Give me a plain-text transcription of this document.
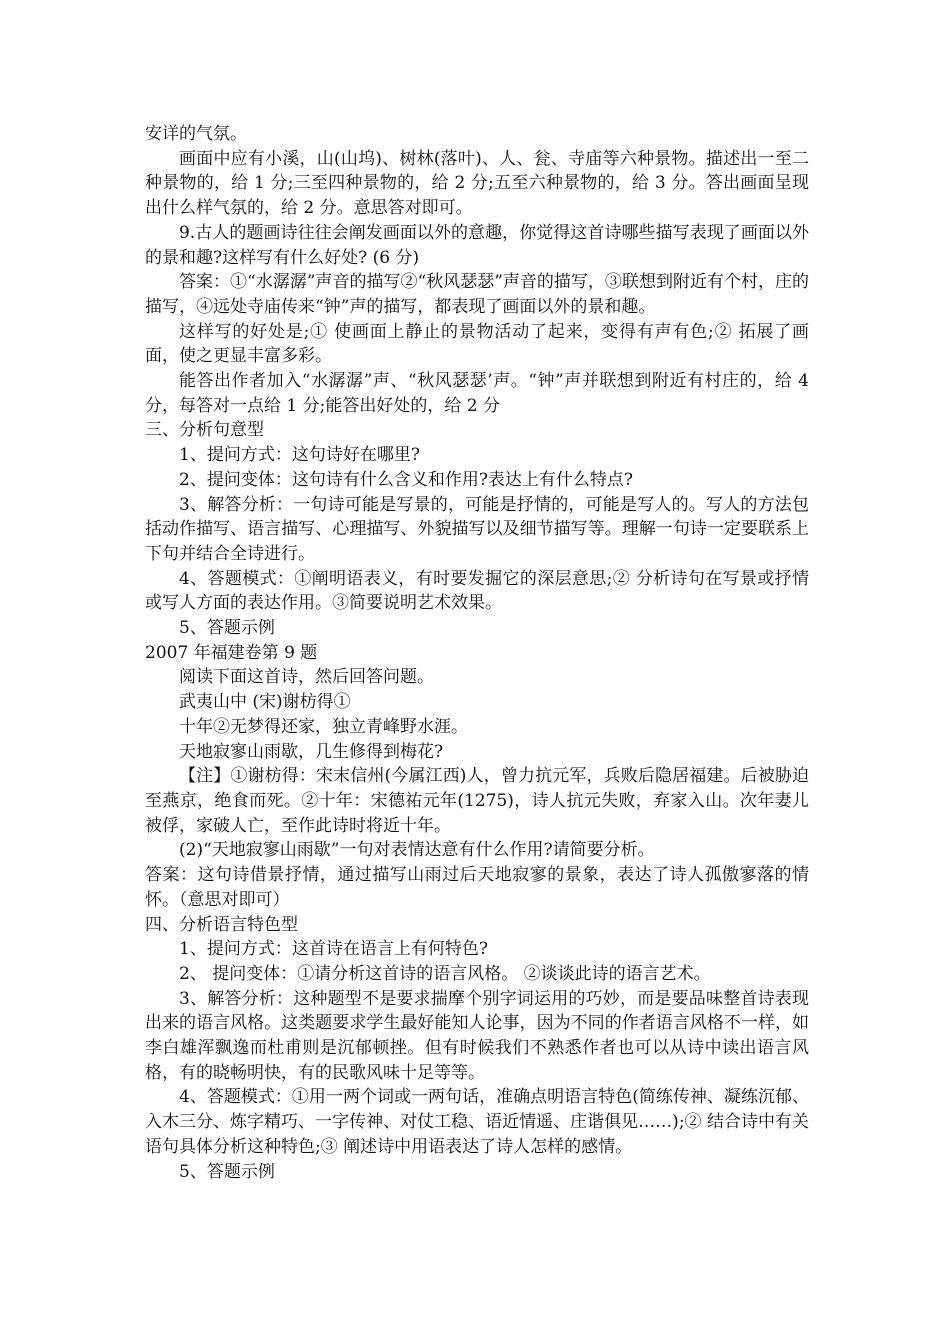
安详的气氛。

画面中应有小溪，山(山坞)、树林(落叶)、人、瓮、寺庙等六种景物。描述出一至二种景物的，给 1 分;三至四种景物的，给 2 分;五至六种景物的，给 3 分。答出画面呈现出什么样气氛的，给 2 分。意思答对即可。

9.古人的题画诗往往会阐发画面以外的意趣，你觉得这首诗哪些描写表现了画面以外的景和趣?这样写有什么好处? (6 分)

答案：①“水潺潺”声音的描写②“秋风瑟瑟”声音的描写，③联想到附近有个村，庄的描写，④远处寺庙传来“钟”声的描写，都表现了画面以外的景和趣。

这样写的好处是;① 使画面上静止的景物活动了起来，变得有声有色;② 拓展了画面，使之更显丰富多彩。

能答出作者加入“水潺潺”声、“秋风瑟瑟’声。“钟”声并联想到附近有村庄的，给 4 分，每答对一点给 1 分;能答出好处的，给 2 分

三、分析句意型

1、提问方式：这句诗好在哪里?

2、提问变体：这句诗有什么含义和作用?表达上有什么特点?

3、解答分析：一句诗可能是写景的，可能是抒情的，可能是写人的。写人的方法包括动作描写、语言描写、心理描写、外貌描写以及细节描写等。理解一句诗一定要联系上下句并结合全诗进行。

4、答题模式：①阐明语表义，有时要发掘它的深层意思;② 分析诗句在写景或抒情或写人方面的表达作用。③简要说明艺术效果。

5、答题示例

2007 年福建卷第 9 题

阅读下面这首诗，然后回答问题。

武夷山中 (宋)谢枋得①

十年②无梦得还家，独立青峰野水涯。

天地寂寥山雨歇，几生修得到梅花?

【注】①谢枋得：宋末信州(今属江西)人，曾力抗元军，兵败后隐居福建。后被胁迫至燕京，绝食而死。②十年：宋德祐元年(1275)，诗人抗元失败，弃家入山。次年妻儿被俘，家破人亡，至作此诗时将近十年。

(2)“天地寂寥山雨歇”一句对表情达意有什么作用?请简要分析。

答案：这句诗借景抒情，通过描写山雨过后天地寂寥的景象，表达了诗人孤傲寥落的情怀。（意思对即可）

四、分析语言特色型

1、提问方式：这首诗在语言上有何特色?

2、 提问变体：①请分析这首诗的语言风格。 ②谈谈此诗的语言艺术。

3、解答分析：这种题型不是要求揣摩个别字词运用的巧妙，而是要品味整首诗表现出来的语言风格。这类题要求学生最好能知人论事，因为不同的作者语言风格不一样，如李白雄浑飘逸而杜甫则是沉郁顿挫。但有时候我们不熟悉作者也可以从诗中读出语言风格，有的晓畅明快，有的民歌风味十足等等。

4、答题模式：①用一两个词或一两句话，准确点明语言特色(简练传神、凝练沉郁、入木三分、炼字精巧、一字传神、对仗工稳、语近情遥、庄谐俱见……);② 结合诗中有关语句具体分析这种特色;③ 阐述诗中用语表达了诗人怎样的感情。

5、答题示例
